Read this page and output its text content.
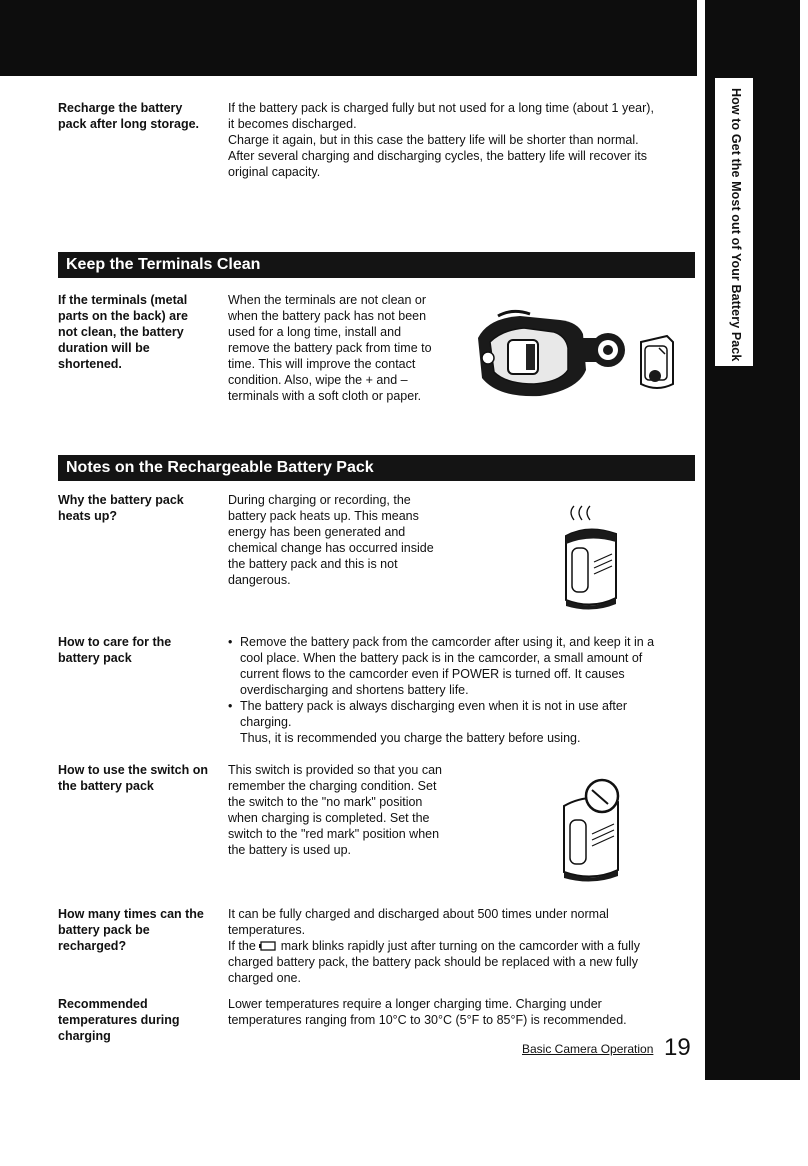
How to Get the Most out of Your Battery Pack
Recharge the battery pack after long storage.
If the battery pack is charged fully but not used for a long time (about 1 year),
it becomes discharged.
Charge it again, but in this case the battery life will be shorter than normal.
After several charging and discharging cycles, the battery life will recover its
original capacity.
Keep the Terminals Clean
If the terminals (metal parts on the back) are not clean, the battery duration will be shortened.
When the terminals are not clean or
when the battery pack has not been
used for a long time, install and
remove the battery pack from time to
time. This will improve the contact
condition. Also, wipe the + and –
terminals with a soft cloth or paper.
Notes on the Rechargeable Battery Pack
Why the battery pack heats up?
During charging or recording, the
battery pack heats up. This means
energy has been generated and
chemical change has occurred inside
the battery pack and this is not
dangerous.
How to care for the battery pack
• Remove the battery pack from the camcorder after using it, and keep it in a
cool place. When the battery pack is in the camcorder, a small amount of
current flows to the camcorder even if POWER is turned off. It causes
overdischarging and shortens battery life.
• The battery pack is always discharging even when it is not in use after
charging.
Thus, it is recommended you charge the battery before using.
How to use the switch on the battery pack
This switch is provided so that you can
remember the charging condition. Set
the switch to the "no mark" position
when charging is completed. Set the
switch to the "red mark" position when
the battery is used up.
How many times can the battery pack be recharged?
It can be fully charged and discharged about 500 times under normal
temperatures.
If the mark blinks rapidly just after turning on the camcorder with a fully
charged battery pack, the battery pack should be replaced with a new fully
charged one.
Recommended temperatures during charging
Lower temperatures require a longer charging time. Charging under
temperatures ranging from 10°C to 30°C (5°F to 85°F) is recommended.
Basic Camera Operation 19
